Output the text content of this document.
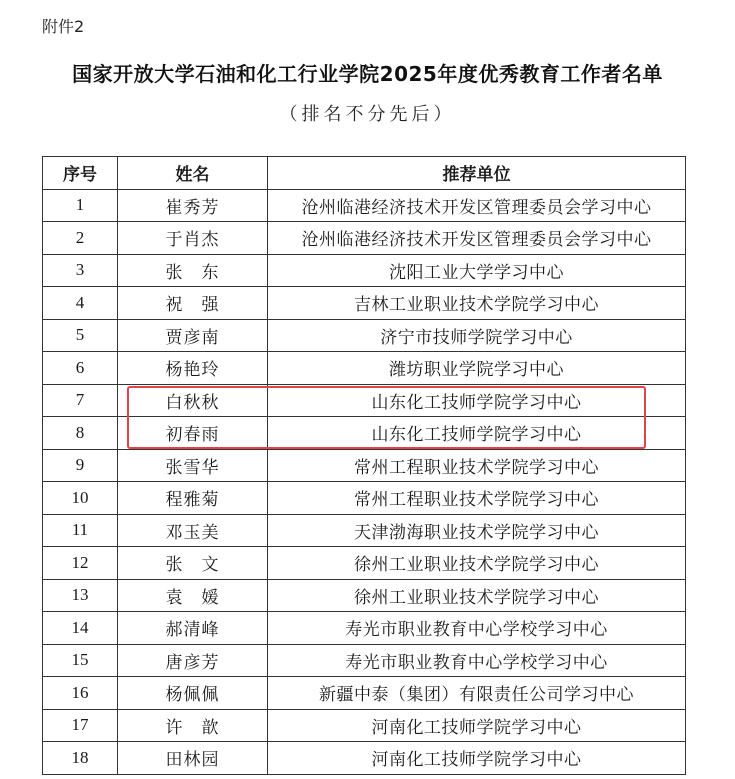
附件2
国家开放大学石油和化工行业学院2025年度优秀教育工作者名单
（排名不分先后）
序号	姓名	推荐单位
1	崔秀芳	沧州临港经济技术开发区管理委员会学习中心
2	于肖杰	沧州临港经济技术开发区管理委员会学习中心
3	张　东	沈阳工业大学学习中心
4	祝　强	吉林工业职业技术学院学习中心
5	贾彦南	济宁市技师学院学习中心
6	杨艳玲	潍坊职业学院学习中心
7	白秋秋	山东化工技师学院学习中心
8	初春雨	山东化工技师学院学习中心
9	张雪华	常州工程职业技术学院学习中心
10	程雅菊	常州工程职业技术学院学习中心
11	邓玉美	天津渤海职业技术学院学习中心
12	张　文	徐州工业职业技术学院学习中心
13	袁　媛	徐州工业职业技术学院学习中心
14	郝清峰	寿光市职业教育中心学校学习中心
15	唐彦芳	寿光市职业教育中心学校学习中心
16	杨佩佩	新疆中泰（集团）有限责任公司学习中心
17	许　歆	河南化工技师学院学习中心
18	田林园	河南化工技师学院学习中心
